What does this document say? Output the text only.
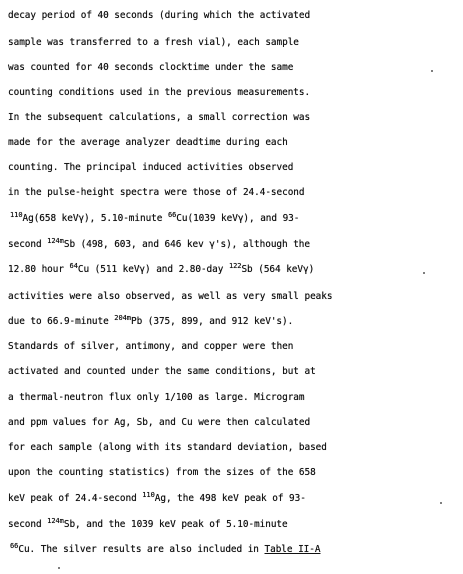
decay period of 40 seconds (during which the activated
sample was transferred to a fresh vial), each sample
was counted for 40 seconds clocktime under the same
counting conditions used in the previous measurements.
In the subsequent calculations, a small correction was
made for the average analyzer deadtime during each
counting. The principal induced activities observed
in the pulse-height spectra were those of 24.4-second
$^{110}$Ag(658 keVγ), 5.10-minute $^{66}$Cu(1039 keVγ), and 93-
second $^{124m}$Sb (498, 603, and 646 kev γ's), although the
12.80 hour $^{64}$Cu (511 keVγ) and 2.80-day $^{122}$Sb (564 keVγ)
activities were also observed, as well as very small peaks
due to 66.9-minute $^{204m}$Pb (375, 899, and 912 keV's).
Standards of silver, antimony, and copper were then
activated and counted under the same conditions, but at
a thermal-neutron flux only 1/100 as large. Microgram
and ppm values for Ag, Sb, and Cu were then calculated
for each sample (along with its standard deviation, based
upon the counting statistics) from the sizes of the 658
keV peak of 24.4-second $^{110}$Ag, the 498 keV peak of 93-
second $^{124m}$Sb, and the 1039 keV peak of 5.10-minute
$^{66}$Cu. The silver results are also included in Table II-A
